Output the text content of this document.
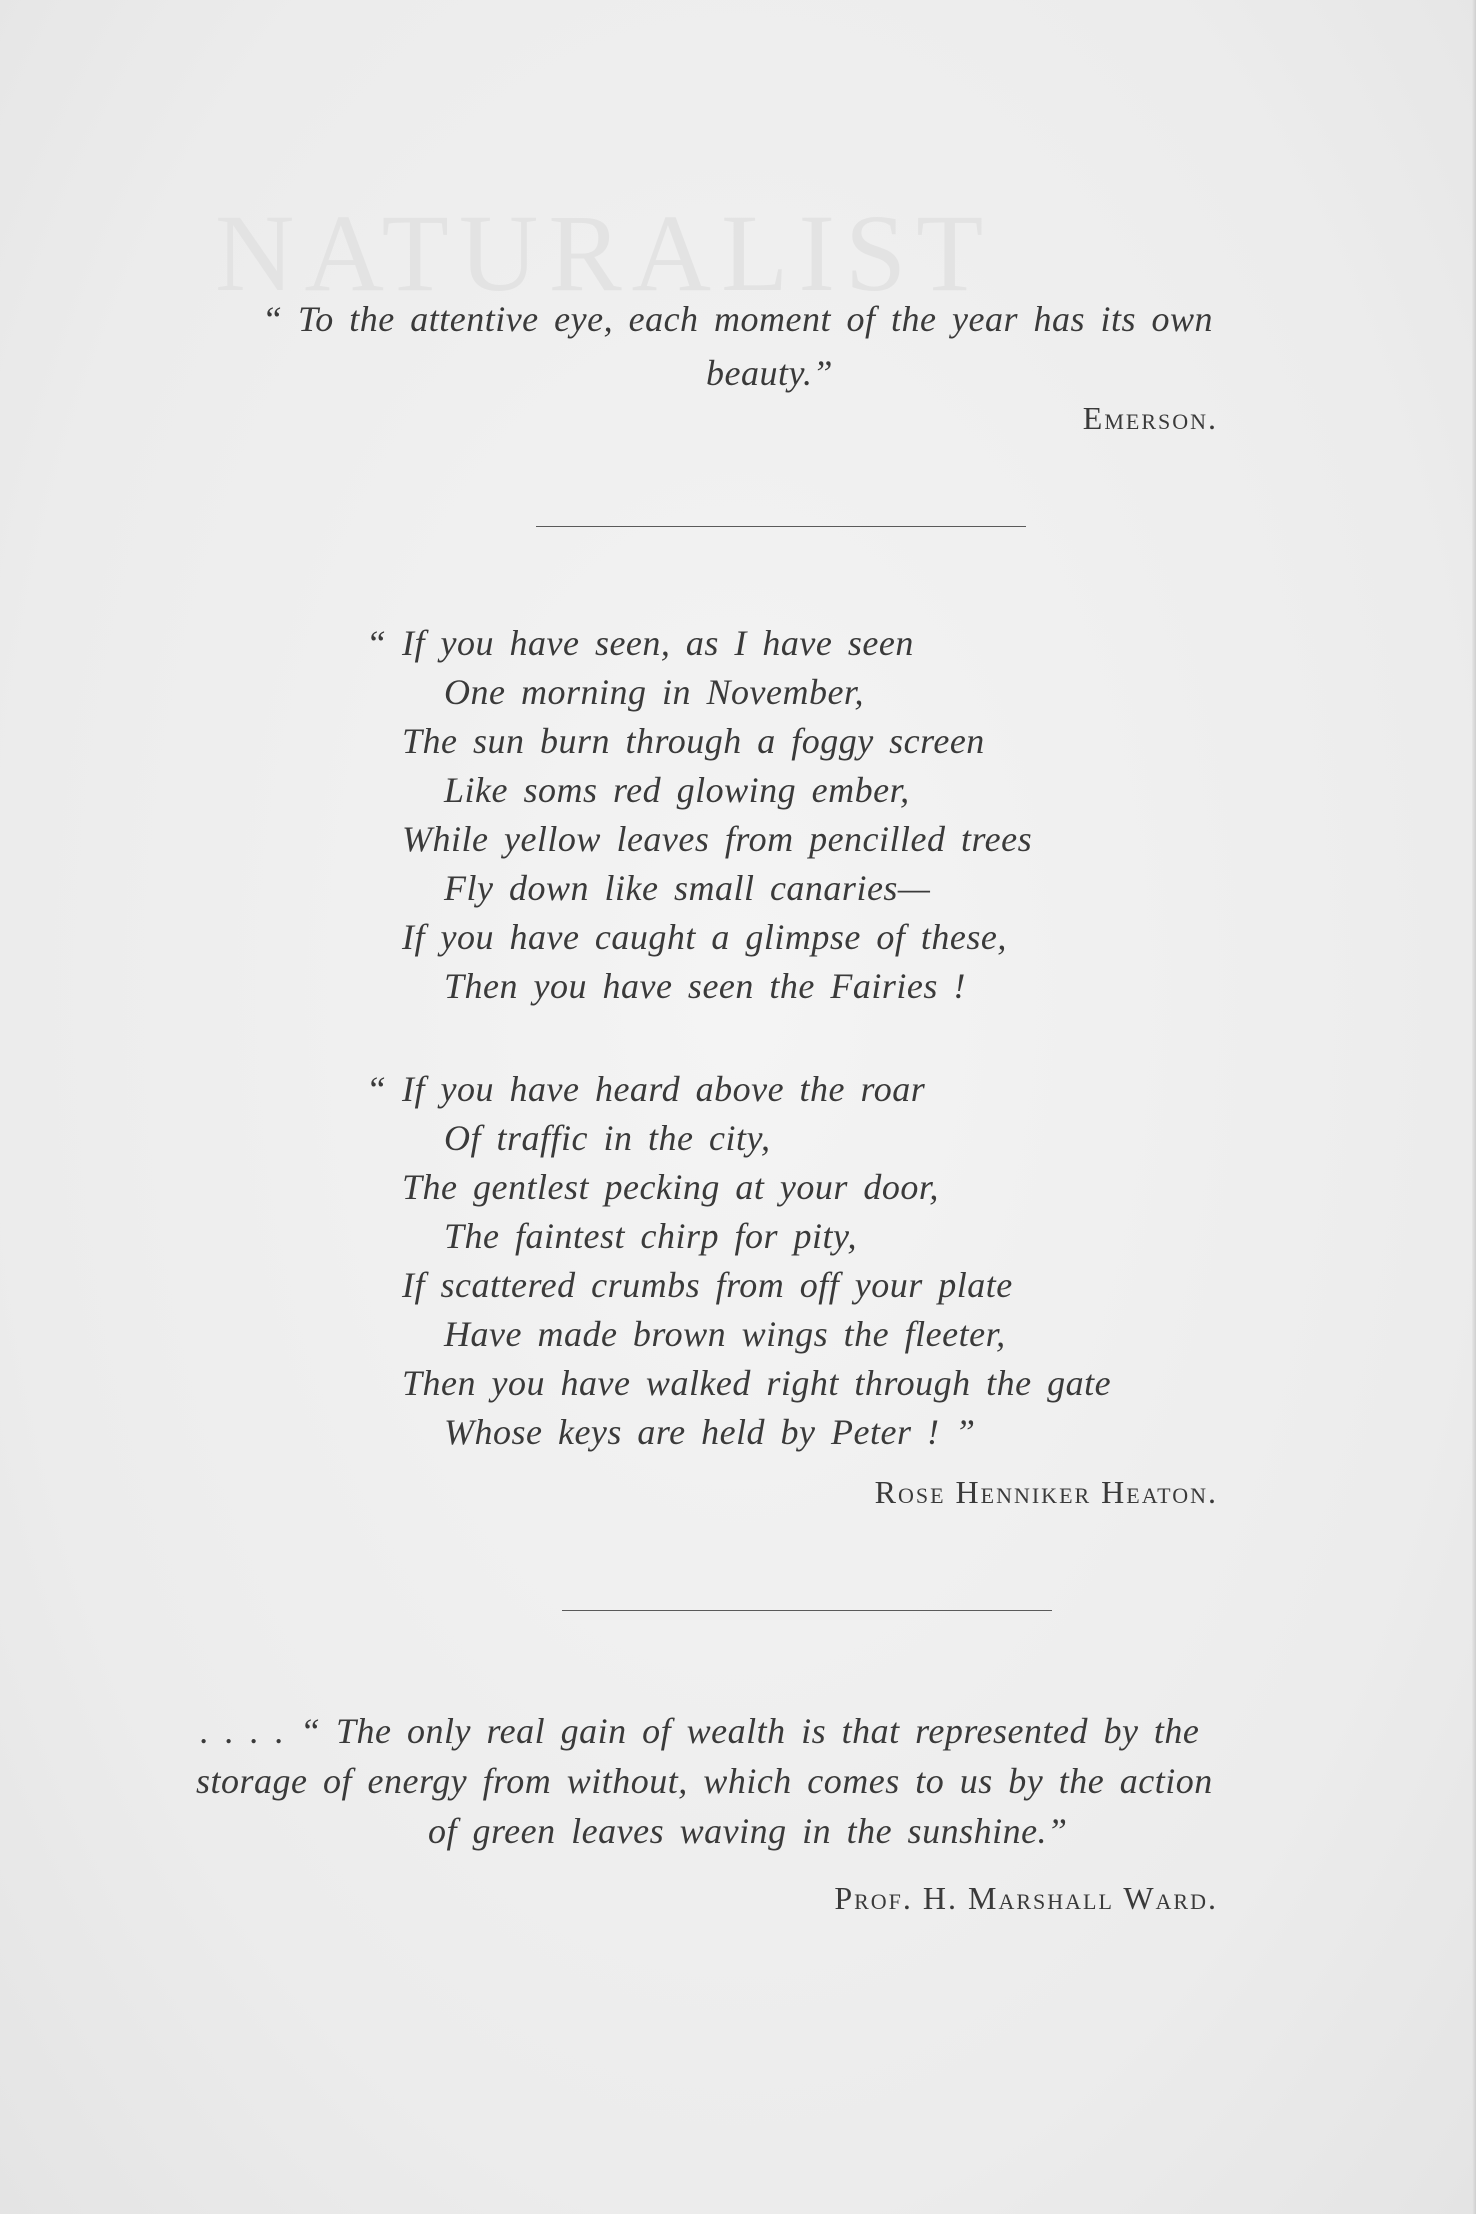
NATURALIST
“ To the attentive eye, each moment of the year has its own
beauty.”
Emerson.
“ If you have seen, as I have seen
One morning in November,
The sun burn through a foggy screen
Like soms red glowing ember,
While yellow leaves from pencilled trees
Fly down like small canaries—
If you have caught a glimpse of these,
Then you have seen the Fairies !
“ If you have heard above the roar
Of traffic in the city,
The gentlest pecking at your door,
The faintest chirp for pity,
If scattered crumbs from off your plate
Have made brown wings the fleeter,
Then you have walked right through the gate
Whose keys are held by Peter ! ”
Rose Henniker Heaton.
. . . . “ The only real gain of wealth is that represented by the
storage of energy from without, which comes to us by the action
of green leaves waving in the sunshine.”
Prof. H. Marshall Ward.
